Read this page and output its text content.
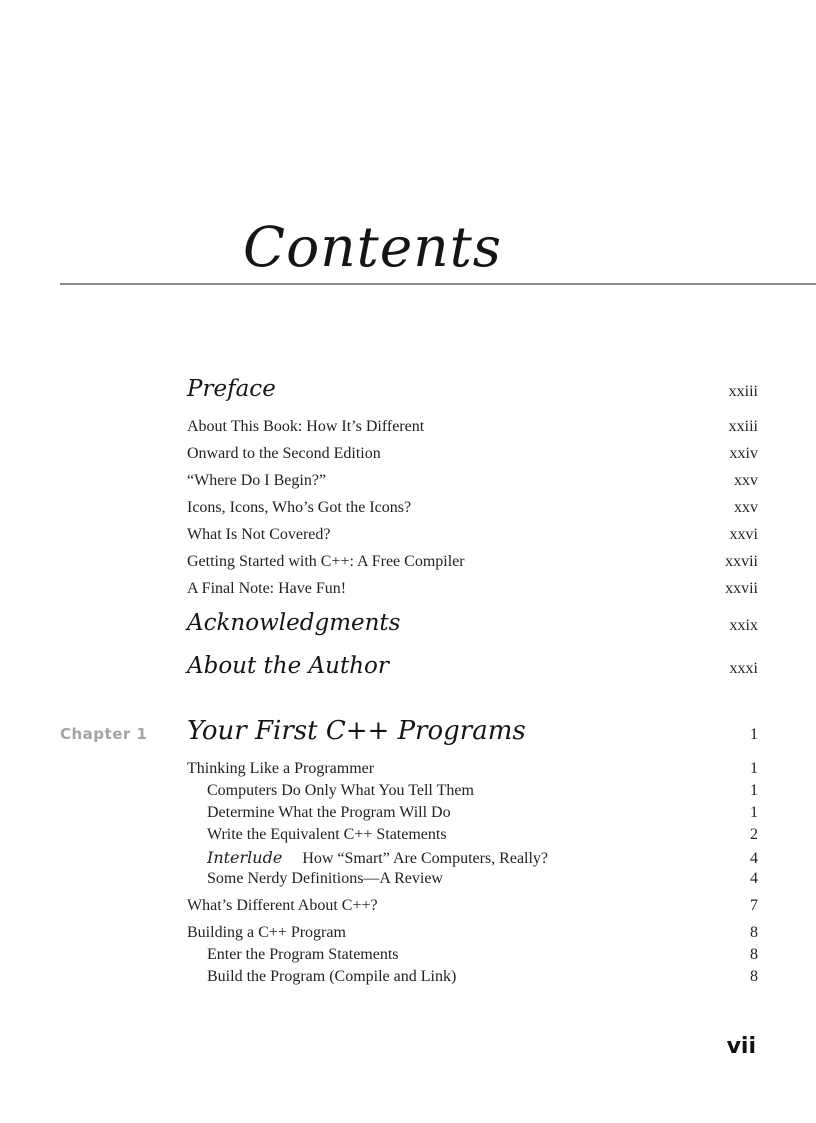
Contents
Preface	xxiii
About This Book: How It’s Different	xxiii
Onward to the Second Edition	xxiv
“Where Do I Begin?”	xxv
Icons, Icons, Who’s Got the Icons?	xxv
What Is Not Covered?	xxvi
Getting Started with C++: A Free Compiler	xxvii
A Final Note: Have Fun!	xxvii
Acknowledgments	xxix
About the Author	xxxi
Chapter 1 Your First C++ Programs	1
Thinking Like a Programmer	1
Computers Do Only What You Tell Them	1
Determine What the Program Will Do	1
Write the Equivalent C++ Statements	2
Interlude How “Smart” Are Computers, Really?	4
Some Nerdy Definitions—A Review	4
What’s Different About C++?	7
Building a C++ Program	8
Enter the Program Statements	8
Build the Program (Compile and Link)	8
vii
